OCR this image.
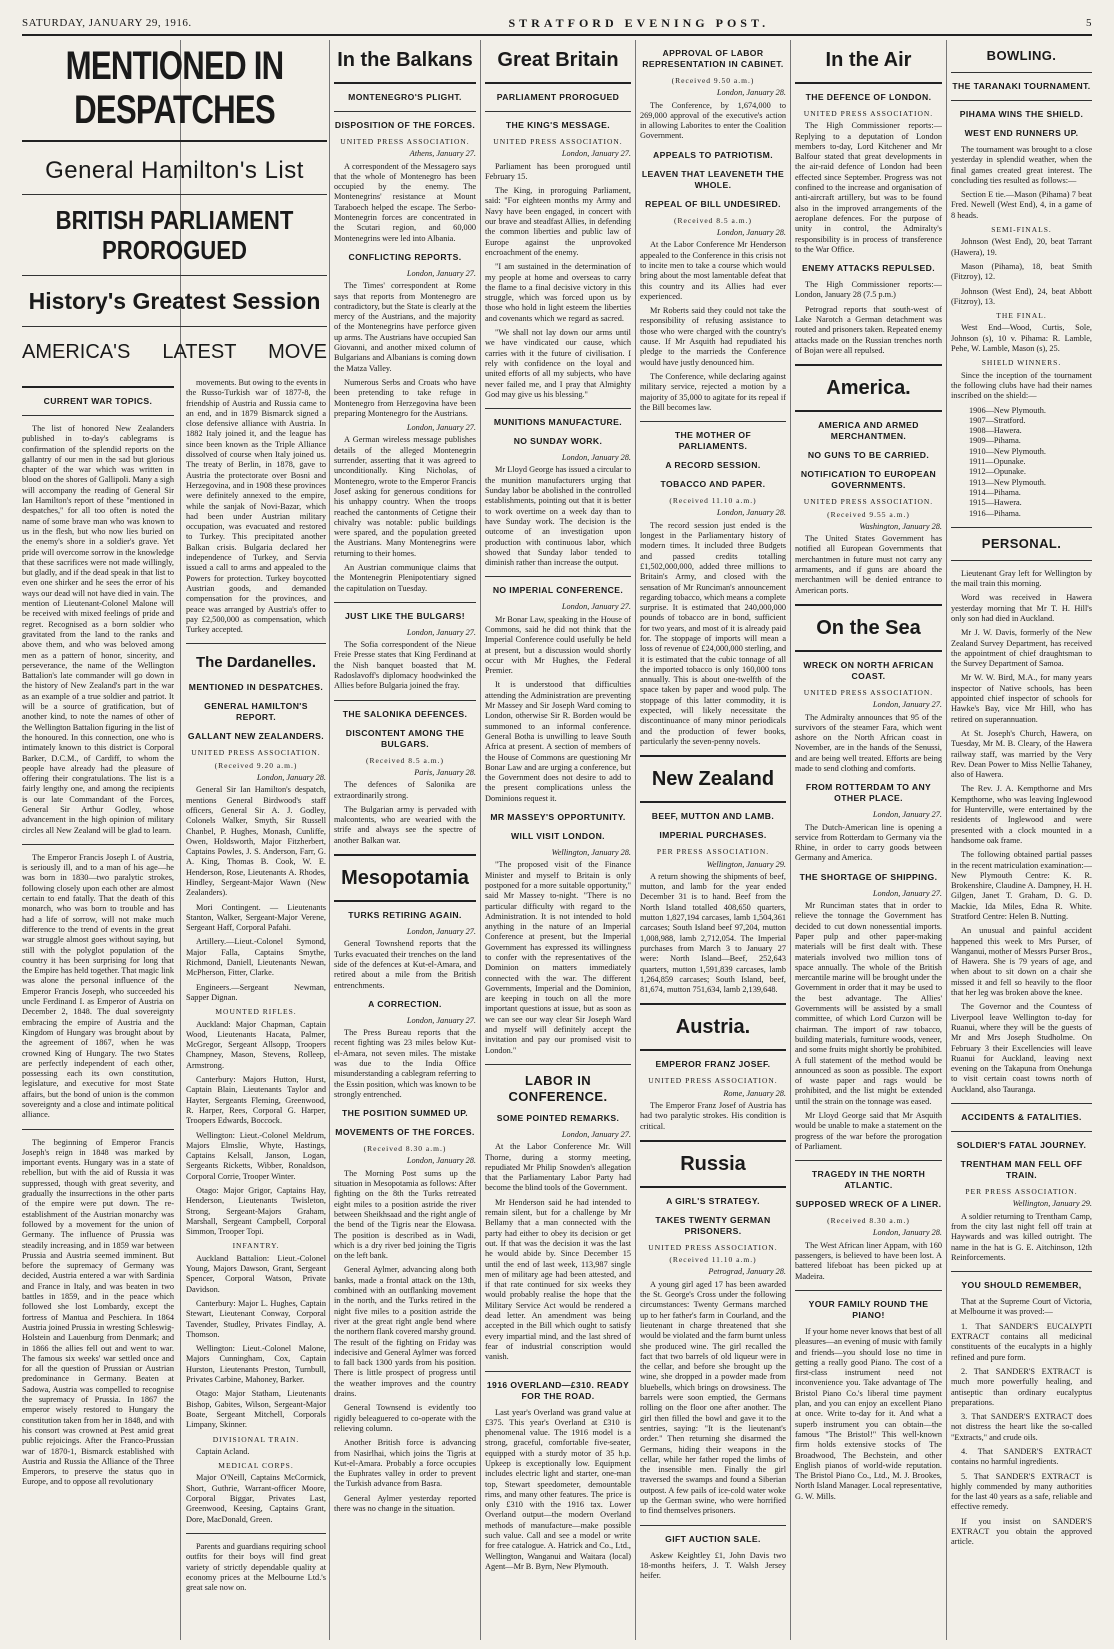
SATURDAY, JANUARY 29, 1916.	STRATFORD EVENING POST.	5
MENTIONED IN DESPATCHES
General Hamilton's List
BRITISH PARLIAMENT PROROGUED
History's Greatest Session
AMERICA'S LATEST MOVE
CURRENT WAR TOPICS.

The list of honored New Zealanders published in to-day's cablegrams is confirmation of the splendid reports on the gallantry of our men in the sad but glorious chapter of the war which was written in blood on the shores of Gallipoli. Many a sigh will accompany the reading of General Sir Ian Hamilton's report of these "mentioned in despatches," for all too often is noted the name of some brave man who was known to us in the flesh, but who now lies buried on the enemy's shore in a soldier's grave. Yet pride will overcome sorrow in the knowledge that these sacrifices were not made willingly, but gladly, and if the dead speak in that list to even one shirker and he sees the error of his ways our dead will not have died in vain. The mention of Lieutenant-Colonel Malone will be received with mixed feelings of pride and regret. Recognised as a born soldier who gravitated from the land to the ranks and above them, and who was beloved among men as a pattern of honor, sincerity, and perseverance, the name of the Wellington Battalion's late commander will go down in the history of New Zealand's part in the war as an example of a true soldier and patriot. It will be a source of gratification, but of another kind, to note the names of other of the Wellington Battalion figuring in the list of the honoured. In this connection, one who is intimately known to this district is Corporal Barker, D.C.M., of Cardiff, to whom the people have already had the pleasure of offering their congratulations. The list is a fairly lengthy one, and among the recipients is our late Commandant of the Forces, General Sir Arthur Godley, whose advancement in the high opinion of military circles all New Zealand will be glad to learn.

The Emperor Francis Joseph I. of Austria, is seriously ill, and to a man of his age—he was born in 1830—two paralytic strokes, following closely upon each other are almost certain to end fatally. That the death of this monarch, who was born to trouble and has had a life of sorrow, will not make much difference to the trend of events in the great war struggle almost goes without saying, but still with the polyglot population of the country it has been surprising for long that the Empire has held together. That magic link was alone the personal influence of the Emperor Francis Joseph, who succeeded his uncle Ferdinand I. as Emperor of Austria on December 2, 1848. The dual sovereignty embracing the empire of Austria and the Kingdom of Hungary was brought about by the agreement of 1867, when he was crowned King of Hungary. The two States are perfectly independent of each other, possessing each its own constitution, legislature, and executive for most State affairs, but the bond of union is the common sovereignty and a close and intimate political alliance.

The beginning of Emperor Francis Joseph's reign in 1848 was marked by important events. Hungary was in a state of rebellion, but with the aid of Russia it was suppressed, though with great severity, and gradually the insurrections in the other parts of the empire were put down. The re-establishment of the Austrian monarchy was followed by a movement for the union of Germany. The influence of Prussia was steadily increasing, and in 1859 war between Prussia and Austria seemed imminent. But before the supremacy of Germany was decided, Austria entered a war with Sardinia and France in Italy, and was beaten in two battles in 1859, and in the peace which followed she lost Lombardy, except the fortress of Mantua and Peschiera. In 1864 Austria joined Prussia in wresting Schleswig-Holstein and Lauenburg from Denmark; and in 1866 the allies fell out and went to war. The famous six weeks' war settled once and for all the question of Prussian or Austrian predominance in Germany. Beaten at Sadowa, Austria was compelled to recognise the supremacy of Prussia. In 1867 the emperor wisely restored to Hungary the constitution taken from her in 1848, and with his consort was crowned at Pest amid great public rejoicings. After the Franco-Prussian war of 1870-1, Bismarck established with Austria and Russia the Alliance of the Three Emperors, to preserve the status quo in Europe, and to oppose all revolutionary

movements. But owing to the events in the Russo-Turkish war of 1877-8, the friendship of Austria and Russia came to an end, and in 1879 Bismarck signed a close defensive alliance with Austria. In 1882 Italy joined it, and the league has since been known as the Triple Alliance dissolved of course when Italy joined us. The treaty of Berlin, in 1878, gave to Austria the protectorate over Bosni and Herzegovina, and in 1908 these provinces were definitely annexed to the empire, while the sanjak of Novi-Bazar, which had been under Austrian military occupation, was evacuated and restored to Turkey. This precipitated another Balkan crisis. Bulgaria declared her independence of Turkey, and Servia issued a call to arms and appealed to the Powers for protection. Turkey boycotted Austrian goods, and demanded compensation for the provinces, and peace was arranged by Austria's offer to pay £2,500,000 as compensation, which Turkey accepted.

The Dardanelles.
MENTIONED IN DESPATCHES.
GENERAL HAMILTON'S REPORT.
GALLANT NEW ZEALANDERS.
UNITED PRESS ASSOCIATION.
(Received 9.20 a.m.)
London, January 28.

General Sir Ian Hamilton's despatch, mentions General Birdwood's staff officers, General Sir A. J. Godley, Colonels Walker, Smyth, Sir Russell Chanbel, P. Hughes, Monash, Cunliffe, Owen, Holdsworth, Major Fitzherbert, Captains Powles, J. S. Anderson, Farr, G. A. King, Thomas B. Cook, W. E. Henderson, Rose, Lieutenants A. Rhodes, Hindley, Sergeant-Major Wawn (New Zealanders).

Mori Contingent. — Lieutenants Stanton, Walker, Sergeant-Major Verene, Sergeant Haff, Corporal Pafahi.

Artillery.—Lieut.-Colonel Symond, Major Falla, Captains Smythe, Richmond, Daniell, Lieutenants Newan, McPherson, Fitter, Clarke.

Engineers.—Sergeant Newman, Sapper Dignan.

MOUNTED RIFLES.

Auckland: Major Chapman, Captain Wood, Lieutenants Hacata, Palmer, McGregor, Sergeant Allsopp, Troopers Champney, Mason, Stevens, Rolleep, Armstrong.

Canterbury: Majors Hutton, Hurst, Captain Blain, Lieutenants Taylor and Hayter, Sergeants Fleming, Greenwood, R. Harper, Rees, Corporal G. Harper, Troopers Edwards, Boccock.

Wellington: Lieut.-Colonel Meldrum, Majors Elmslie, Whyte, Hastings, Captains Kelsall, Janson, Logan, Sergeants Ricketts, Wibber, Ronaldson, Corporal Corrie, Trooper Winter.

Otago: Major Grigor, Captains Hay, Henderson, Lieutenants Twisleton, Strong, Sergeant-Majors Graham, Marshall, Sergeant Campbell, Corporal Simmon, Trooper Topi.

INFANTRY.

Auckland Battalion: Lieut.-Colonel Young, Majors Dawson, Grant, Sergeant Spencer, Corporal Watson, Private Davidson.

Canterbury: Major L. Hughes, Captain Stewart, Lieutenant Conway, Corporal Tavender, Studley, Privates Findlay, A. Thomson.

Wellington: Lieut.-Colonel Malone, Majors Cunningham, Cox, Captain Hurston, Lieutenants Preston, Turnbull, Privates Carbine, Mahoney, Barker.

Otago: Major Statham, Lieutenants Bishop, Gabites, Wilson, Sergeant-Major Boate, Sergeant Mitchell, Corporals Limpany, Skinner.

DIVISIONAL TRAIN.

Captain Acland.

MEDICAL CORPS.

Major O'Neill, Captains McCormick, Short, Guthrie, Warrant-officer Moore, Corporal Biggar, Privates Last, Greenwood, Keesing, Captains Grant, Dore, MacDonald, Green.

Parents and guardians requiring school outfits for their boys will find great variety of strictly dependable quality at economy prices at the Melbourne Ltd.'s great sale now on.

In the Balkans
MONTENEGRO'S PLIGHT.
DISPOSITION OF THE FORCES.
UNITED PRESS ASSOCIATION.
Athens, January 27.

A correspondent of the Messagero says that the whole of Montenegro has been occupied by the enemy. The Montenegrins' resistance at Mount Taraboech helped the escape. The Serbo-Montenegrin forces are concentrated in the Scutari region, and 60,000 Montenegrins were led into Albania.

CONFLICTING REPORTS.
London, January 27.

The Times' correspondent at Rome says that reports from Montenegro are contradictory, but the State is clearly at the mercy of the Austrians, and the majority of the Montenegrins have perforce given up arms. The Austrians have occupied San Giovanni, and another mixed column of Bulgarians and Albanians is coming down the Matza Valley.

Numerous Serbs and Croats who have been pretending to take refuge in Montenegro from Herzegovina have been preparing Montenegro for the Austrians.

London, January 27.

A German wireless message publishes details of the alleged Montenegrin surrender, asserting that it was agreed to unconditionally. King Nicholas, of Montenegro, wrote to the Emperor Francis Josef asking for generous conditions for his unhappy country. When the troops reached the cantonments of Cetigne their chivalry was notable: public buildings were spared, and the population greeted the Austrians. Many Montenegrins were returning to their homes.

An Austrian communique claims that the Montenegrin Plenipotentiary signed the capitulation on Tuesday.

JUST LIKE THE BULGARS!
London, January 27.

The Sofia correspondent of the Nieue Freie Presse states that King Ferdinand at the Nish banquet boasted that M. Radoslavoff's diplomacy hoodwinked the Allies before Bulgaria joined the fray.

THE SALONIKA DEFENCES.
DISCONTENT AMONG THE BULGARS.
(Received 8.5 a.m.)
Paris, January 28.

The defences of Salonika are extraordinarily strong.

The Bulgarian army is pervaded with malcontents, who are wearied with the strife and always see the spectre of another Balkan war.

Mesopotamia
TURKS RETIRING AGAIN.
London, January 27.

General Townshend reports that the Turks evacuated their trenches on the land side of the defences at Kut-el-Amara, and retired about a mile from the British entrenchments.

A CORRECTION.
London, January 27.

The Press Bureau reports that the recent fighting was 23 miles below Kut-el-Amara, not seven miles. The mistake was due to the India Office misunderstanding a cablegram referring to the Essin position, which was known to be strongly entrenched.

THE POSITION SUMMED UP.
MOVEMENTS OF THE FORCES.
(Received 8.30 a.m.)
London, January 28.

The Morning Post sums up the situation in Mesopotamia as follows: After fighting on the 8th the Turks retreated eight miles to a position astride the river between Sheikhsaad and the right angle of the bend of the Tigris near the Elowasa. The position is described as in Wadi, which is a dry river bed joining the Tigris on the left bank.

General Aylmer, advancing along both banks, made a frontal attack on the 13th, combined with an outflanking movement in the north, and the Turks retired in the night five miles to a position astride the river at the great right angle bend where the northern flank covered marshy ground. The result of the fighting on Friday was indecisive and General Aylmer was forced to fall back 1300 yards from his position. There is little prospect of progress until the weather improves and the country drains.

General Townsend is evidently too rigidly beleaguered to co-operate with the relieving column.

Another British force is advancing from Nasirlhai, which joins the Tigris at Kut-el-Amara. Probably a force occupies the Euphrates valley in order to prevent the Turkish advance from Basra.

General Aylmer yesterday reported there was no change in the situation.

Great Britain
PARLIAMENT PROROGUED
THE KING'S MESSAGE.
UNITED PRESS ASSOCIATION.
London, January 27.

Parliament has been prorogued until February 15.

The King, in proroguing Parliament, said: "For eighteen months my Army and Navy have been engaged, in concert with our brave and steadfast Allies, in defending the common liberties and public law of Europe against the unprovoked encroachment of the enemy.

"I am sustained in the determination of my people at home and overseas to carry the flame to a final decisive victory in this struggle, which was forced upon us by those who hold in light esteem the liberties and covenants which we regard as sacred.

"We shall not lay down our arms until we have vindicated our cause, which carries with it the future of civilisation. I rely with confidence on the loyal and united efforts of all my subjects, who have never failed me, and I pray that Almighty God may give us his blessing."

MUNITIONS MANUFACTURE.
NO SUNDAY WORK.
London, January 28.

Mr Lloyd George has issued a circular to the munition manufacturers urging that Sunday labor be abolished in the controlled establishments, pointing out that it is better to work overtime on a week day than to have Sunday work. The decision is the outcome of an investigation upon production with continuous labor, which showed that Sunday labor tended to diminish rather than increase the output.

NO IMPERIAL CONFERENCE.
London, January 27.

Mr Bonar Law, speaking in the House of Commons, said he did not think that the Imperial Conference could usefully be held at present, but a discussion would shortly occur with Mr Hughes, the Federal Premier.

It is understood that difficulties attending the Administration are preventing Mr Massey and Sir Joseph Ward coming to London, otherwise Sir R. Borden would be summoned to an informal conference. General Botha is unwilling to leave South Africa at present. A section of members of the House of Commons are questioning Mr Bonar Law and are urging a conference, but the Government does not desire to add to the present complications unless the Dominions request it.

MR MASSEY'S OPPORTUNITY.
WILL VISIT LONDON.
Wellington, January 28.

"The proposed visit of the Finance Minister and myself to Britain is only postponed for a more suitable opportunity," said Mr Massey to-night. "There is no particular difficulty with regard to the Administration. It is not intended to hold anything in the nature of an Imperial Conference at present, but the Imperial Government has expressed its willingness to confer with the representatives of the Dominion on matters immediately connected with the war. The different Governments, Imperial and the Dominion, are keeping in touch on all the more important questions at issue, but as soon as we can see our way clear Sir Joseph Ward and myself will definitely accept the invitation and pay our promised visit to London."

LABOR IN CONFERENCE.
SOME POINTED REMARKS.
London, January 27.

At the Labor Conference Mr. Will Thorne, during a stormy meeting, repudiated Mr Philip Snowden's allegation that the Parliamentary Labor Party had become the blind tools of the Government.

Mr Henderson said he had intended to remain silent, but for a challenge by Mr Bellamy that a man connected with the party had either to obey its decision or get out. If that was the decision it was the last he would abide by. Since December 15 until the end of last week, 113,987 single men of military age had been attested, and if that rate continued for six weeks they would probably realise the hope that the Military Service Act would be rendered a dead letter. An amendment was being accepted in the Bill which ought to satisfy every impartial mind, and the last shred of fear of industrial conscription would vanish.

1916 OVERLAND—£310. READY FOR THE ROAD.

Last year's Overland was grand value at £375. This year's Overland at £310 is phenomenal value. The 1916 model is a strong, graceful, comfortable five-seater, equipped with a sturdy motor of 35 h.p. Upkeep is exceptionally low. Equipment includes electric light and starter, one-man top, Stewart speedometer, demountable rims, and many other features. The price is only £310 with the 1916 tax. Lower Overland output—the modern Overland methods of manufacture—make possible such value. Call and see a model or write for free catalogue. A. Hatrick and Co., Ltd., Wellington, Wanganui and Waitara (local) Agent—Mr B. Byrn, New Plymouth.

APPROVAL OF LABOR REPRESENTATION IN CABINET.
(Received 9.50 a.m.)
London, January 28.

The Conference, by 1,674,000 to 269,000 approval of the executive's action in allowing Laborites to enter the Coalition Government.

APPEALS TO PATRIOTISM.
LEAVEN THAT LEAVENETH THE WHOLE.
REPEAL OF BILL UNDESIRED.
(Received 8.5 a.m.)
London, January 28.

At the Labor Conference Mr Henderson appealed to the Conference in this crisis not to incite men to take a course which would bring about the most lamentable defeat that this country and its Allies had ever experienced.

Mr Roberts said they could not take the responsibility of refusing assistance to those who were charged with the country's cause. If Mr Asquith had repudiated his pledge to the marrieds the Conference would have justly denounced him.

The Conference, while declaring against military service, rejected a motion by a majority of 35,000 to agitate for its repeal if the Bill becomes law.

THE MOTHER OF PARLIAMENTS.
A RECORD SESSION.
TOBACCO AND PAPER.
(Received 11.10 a.m.)
London, January 28.

The record session just ended is the longest in the Parliamentary history of modern times. It included three Budgets and passed credits totalling £1,502,000,000, added three millions to Britain's Army, and closed with the sensation of Mr Runciman's announcement regarding tobacco, which means a complete surprise. It is estimated that 240,000,000 pounds of tobacco are in bond, sufficient for two years, and most of it is already paid for. The stoppage of imports will mean a loss of revenue of £24,000,000 sterling, and it is estimated that the cubic tonnage of all the imported tobacco is only 160,000 tons annually. This is about one-twelfth of the space taken by paper and wood pulp. The stoppage of this latter commodity, it is expected, will likely necessitate the discontinuance of many minor periodicals and the production of fewer books, particularly the seven-penny novels.

New Zealand
BEEF, MUTTON AND LAMB.
IMPERIAL PURCHASES.
PER PRESS ASSOCIATION.
Wellington, January 29.

A return showing the shipments of beef, mutton, and lamb for the year ended December 31 is to hand. Beef from the North Island totalled 408,650 quarters, mutton 1,827,194 carcases, lamb 1,504,361 carcases; South Island beef 97,204, mutton 1,008,988, lamb 2,712,054. The Imperial purchases from March 3 to January 27 were: North Island—Beef, 252,643 quarters, mutton 1,591,839 carcases, lamb 1,264,859 carcases; South Island, beef, 81,674, mutton 751,634, lamb 2,139,648.

Austria.
EMPEROR FRANZ JOSEF.
UNITED PRESS ASSOCIATION.
Rome, January 28.

The Emperor Franz Josef of Austria has had two paralytic strokes. His condition is critical.

Russia
A GIRL'S STRATEGY.
TAKES TWENTY GERMAN PRISONERS.
UNITED PRESS ASSOCIATION.
(Received 11.10 a.m.)
Petrograd, January 28.

A young girl aged 17 has been awarded the St. George's Cross under the following circumstances: Twenty Germans marched up to her father's farm in Courland, and the lieutenant in charge threatened that she would be violated and the farm burnt unless she produced wine. The girl recalled the fact that two barrels of old liqueur were in the cellar, and before she brought up the wine, she dropped in a powder made from bluebells, which brings on drowsiness. The barrels were soon emptied, the Germans rolling on the floor one after another. The girl then filled the bowl and gave it to the sentries, saying: "It is the lieutenant's order." Then returning she disarmed the Germans, hiding their weapons in the cellar, while her father roped the limbs of the insensible men. Finally the girl traversed the swamps and found a Siberian outpost. A few pails of ice-cold water woke up the German swine, who were horrified to find themselves prisoners.

GIFT AUCTION SALE.

Askew Keightley £1, John Davis two 18-months heifers, J. T. Walsh Jersey heifer.

In the Air
THE DEFENCE OF LONDON.
UNITED PRESS ASSOCIATION.

The High Commissioner reports:—Replying to a deputation of London members to-day, Lord Kitchener and Mr Balfour stated that great developments in the air-raid defence of London had been effected since September. Progress was not confined to the increase and organisation of anti-aircraft artillery, but was to be found also in the improved arrangements of the aeroplane defences. For the purpose of unity in control, the Admiralty's responsibility is in process of transference to the War Office.

ENEMY ATTACKS REPULSED.

The High Commissioner reports:—London, January 28 (7.5 p.m.)

Petrograd reports that south-west of Lake Narotch a German detachment was routed and prisoners taken. Repeated enemy attacks made on the Russian trenches north of Bojan were all repulsed.

America.
AMERICA AND ARMED MERCHANTMEN.
NO GUNS TO BE CARRIED.
NOTIFICATION TO EUROPEAN GOVERNMENTS.
UNITED PRESS ASSOCIATION.
(Received 9.55 a.m.)
Washington, January 28.

The United States Government has notified all European Governments that merchantmen in future must not carry any armaments, and if guns are aboard the merchantmen will be denied entrance to American ports.

On the Sea
WRECK ON NORTH AFRICAN COAST.
UNITED PRESS ASSOCIATION.
London, January 27.

The Admiralty announces that 95 of the survivors of the steamer Fara, which went ashore on the North African coast in November, are in the hands of the Senussi, and are being well treated. Efforts are being made to send clothing and comforts.

FROM ROTTERDAM TO ANY OTHER PLACE.
London, January 27.

The Dutch-American line is opening a service from Rotterdam to Germany via the Rhine, in order to carry goods between Germany and America.

THE SHORTAGE OF SHIPPING.
London, January 27.

Mr Runciman states that in order to relieve the tonnage the Government has decided to cut down nonessential imports. Paper pulp and other paper-making materials will be first dealt with. These materials involved two million tons of space annually. The whole of the British mercantile marine will be brought under the Government in order that it may be used to the best advantage. The Allies' Governments will be assisted by a small committee, of which Lord Curzon will be chairman. The import of raw tobacco, building materials, furniture woods, veneer, and some fruits might shortly be prohibited. A full statement of the method would be announced as soon as possible. The export of waste paper and rags would be prohibited, and the list might be extended until the strain on the tonnage was eased.

Mr Lloyd George said that Mr Asquith would be unable to make a statement on the progress of the war before the prorogation of Parliament.

TRAGEDY IN THE NORTH ATLANTIC.
SUPPOSED WRECK OF A LINER.
(Received 8.30 a.m.)
London, January 28.

The West African liner Appam, with 160 passengers, is believed to have been lost. A battered lifeboat has been picked up at Madeira.

YOUR FAMILY ROUND THE PIANO!

If your home never knows that best of all pleasures—an evening of music with family and friends—you should lose no time in getting a really good Piano. The cost of a first-class instrument need not inconvenience you. Take advantage of The Bristol Piano Co.'s liberal time payment plan, and you can enjoy an excellent Piano at once. Write to-day for it. And what a superb instrument you can obtain—the famous "The Bristol!" This well-known firm holds extensive stocks of The Broadwood, The Bechstein, and other English pianos of world-wide reputation. The Bristol Piano Co., Ltd., M. J. Brookes, North Island Manager. Local representative, G. W. Mills.

BOWLING.
THE TARANAKI TOURNAMENT.
PIHAMA WINS THE SHIELD.
WEST END RUNNERS UP.

The tournament was brought to a close yesterday in splendid weather, when the final games created great interest. The concluding ties resulted as follows:—

Section E tie.—Mason (Pihama) 7 beat Fred. Newell (West End), 4, in a game of 8 heads.

SEMI-FINALS.

Johnson (West End), 20, beat Tarrant (Hawera), 19.

Mason (Pihama), 18, beat Smith (Fitzroy), 12.

Johnson (West End), 24, beat Abbott (Fitzroy), 13.

THE FINAL.

West End—Wood, Curtis, Sole, Johnson (s), 10 v. Pihama: R. Lamble, Pehe, W. Lamble, Mason (s), 25.

SHIELD WINNERS.

Since the inception of the tournament the following clubs have had their names inscribed on the shield:—

1906—New Plymouth.
1907—Stratford.
1908—Hawera.
1909—Pihama.
1910—New Plymouth.
1911—Opunake.
1912—Opunake.
1913—New Plymouth.
1914—Pihama.
1915—Hawera.
1916—Pihama.
PERSONAL.

Lieutenant Gray left for Wellington by the mail train this morning.

Word was received in Hawera yesterday morning that Mr T. H. Hill's only son had died in Auckland.

Mr J. W. Davis, formerly of the New Zealand Survey Department, has received the appointment of chief draughtsman to the Survey Department of Samoa.

Mr W. W. Bird, M.A., for many years inspector of Native schools, has been appointed chief inspector of schools for Hawke's Bay, vice Mr Hill, who has retired on superannuation.

At St. Joseph's Church, Hawera, on Tuesday, Mr M. B. Cleary, of the Hawera railway staff, was married by the Very Rev. Dean Power to Miss Nellie Tahaney, also of Hawera.

The Rev. J. A. Kempthorne and Mrs Kempthorne, who was leaving Inglewood for Hunterville, were entertained by the residents of Inglewood and were presented with a clock mounted in a handsome oak frame.

The following obtained partial passes in the recent matriculation examination:—New Plymouth Centre: K. R. Brokenshire, Claudine A. Dampney, H. H. Gilgen, Janet T. Graham, D. G. D. Mackie, Ida Miles, Edna R. White. Stratford Centre: Helen B. Nutting.

An unusual and painful accident happened this week to Mrs Purser, of Wanganui, mother of Messrs Purser Bros., of Hawera. She is 79 years of age, and when about to sit down on a chair she missed it and fell so heavily to the floor that her leg was broken above the knee.

The Governor and the Countess of Liverpool leave Wellington to-day for Ruanui, where they will be the guests of Mr and Mrs Joseph Studholme. On February 3 their Excellencies will leave Ruanui for Auckland, leaving next evening on the Takapuna from Onehunga to visit certain coast towns north of Auckland, also Tauranga.

ACCIDENTS & FATALITIES.
SOLDIER'S FATAL JOURNEY.
TRENTHAM MAN FELL OFF TRAIN.
PER PRESS ASSOCIATION.
Wellington, January 29.

A soldier returning to Trentham Camp, from the city last night fell off train at Haywards and was killed outright. The name in the hat is G. E. Aitchinson, 12th Reinforcements.

YOU SHOULD REMEMBER,

That at the Supreme Court of Victoria, at Melbourne it was proved:—

1. That SANDER'S EUCALYPTI EXTRACT contains all medicinal constituents of the eucalypts in a highly refined and pure form.

2. That SANDER'S EXTRACT is much more powerfully healing, and antiseptic than ordinary eucalyptus preparations.

3. That SANDER'S EXTRACT does not distress the heart like the so-called "Extracts," and crude oils.

4. That SANDER'S EXTRACT contains no harmful ingredients.

5. That SANDER'S EXTRACT is highly commended by many authorities for the last 40 years as a safe, reliable and effective remedy.

If you insist on SANDER'S EXTRACT you obtain the approved article.
